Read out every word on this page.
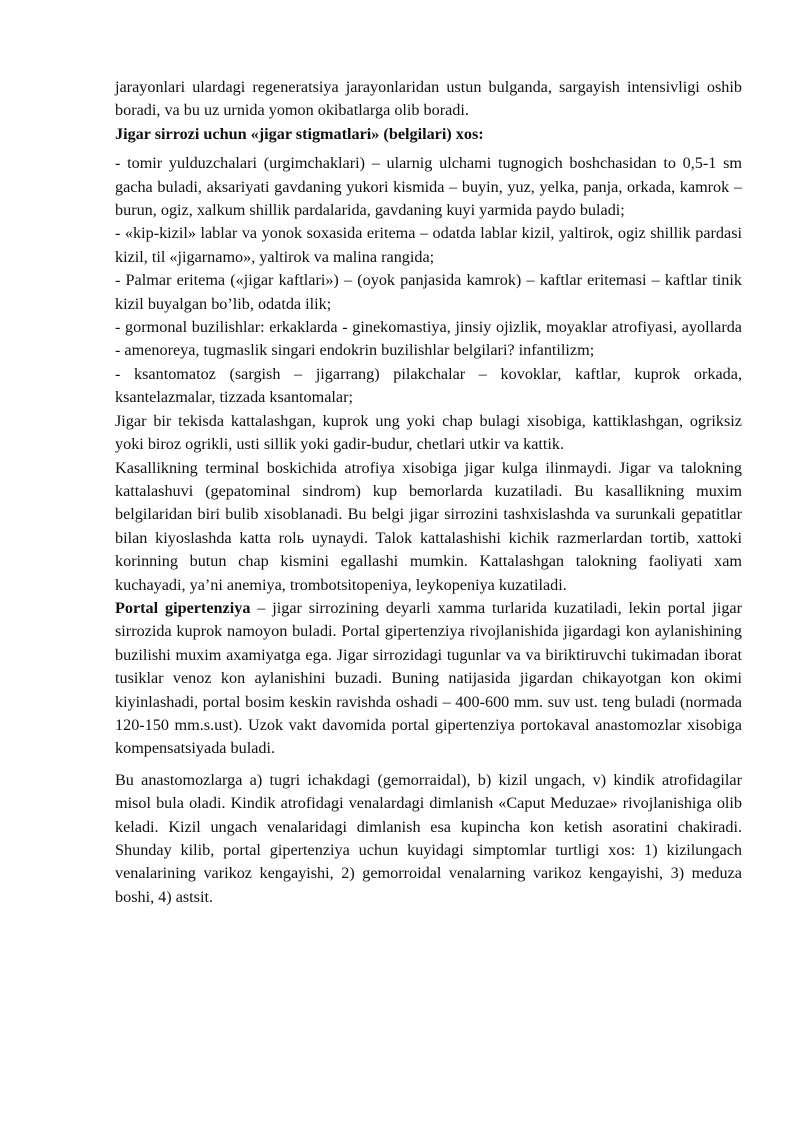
jarayonlari ulardagi regeneratsiya jarayonlaridan ustun bulganda, sargayish intensivligi oshib boradi, va bu uz urnida yomon okibatlarga olib boradi.

Jigar sirrozi uchun «jigar stigmatlari» (belgilari) xos:

- tomir yulduzchalari (urgimchaklari) – ularnig ulchami tugnogich boshchasidan to 0,5-1 sm gacha buladi, aksariyati gavdaning yukori kismida – buyin, yuz, yelka, panja, orkada, kamrok – burun, ogiz, xalkum shillik pardalarida, gavdaning kuyi yarmida paydo buladi;

- «kip-kizil» lablar va yonok soxasida eritema – odatda lablar kizil, yaltirok, ogiz shillik pardasi kizil, til «jigarnamo», yaltirok va malina rangida;

- Palmar eritema («jigar kaftlari») – (oyok panjasida kamrok) – kaftlar eritemasi – kaftlar tinik kizil buyalgan bo’lib, odatda ilik;

- gormonal buzilishlar: erkaklarda - ginekomastiya, jinsiy ojizlik, moyaklar atrofiyasi, ayollarda - amenoreya, tugmaslik singari endokrin buzilishlar belgilari? infantilizm;

- ksantomatoz (sargish – jigarrang) pilakchalar – kovoklar, kaftlar, kuprok orkada, ksantelazmalar, tizzada ksantomalar;

Jigar bir tekisda kattalashgan, kuprok ung yoki chap bulagi xisobiga, kattiklashgan, ogriksiz yoki biroz ogrikli, usti sillik yoki gadir-budur, chetlari utkir va kattik.

Kasallikning terminal boskichida atrofiya xisobiga jigar kulga ilinmaydi. Jigar va talokning kattalashuvi (gepatominal sindrom) kup bemorlarda kuzatiladi. Bu kasallikning muxim belgilaridan biri bulib xisoblanadi. Bu belgi jigar sirrozini tashxislashda va surunkali gepatitlar bilan kiyoslashda katta rolь uynaydi. Talok kattalashishi kichik razmerlardan tortib, xattoki korinning butun chap kismini egallashi mumkin. Kattalashgan talokning faoliyati xam kuchayadi, ya’ni anemiya, trombotsitopeniya, leykopeniya kuzatiladi.

Portal gipertenziya – jigar sirrozining deyarli xamma turlarida kuzatiladi, lekin portal jigar sirrozida kuprok namoyon buladi. Portal gipertenziya rivojlanishida jigardagi kon aylanishining buzilishi muxim axamiyatga ega. Jigar sirrozidagi tugunlar va va biriktiruvchi tukimadan iborat tusiklar venoz kon aylanishini buzadi. Buning natijasida jigardan chikayotgan kon okimi kiyinlashadi, portal bosim keskin ravishda oshadi – 400-600 mm. suv ust. teng buladi (normada 120-150 mm.s.ust). Uzok vakt davomida portal gipertenziya portokaval anastomozlar xisobiga kompensatsiyada buladi.

Bu anastomozlarga a) tugri ichakdagi (gemorraidal), b) kizil ungach, v) kindik atrofidagilar misol bula oladi. Kindik atrofidagi venalardagi dimlanish «Caput Meduzae» rivojlanishiga olib keladi. Kizil ungach venalaridagi dimlanish esa kupincha kon ketish asoratini chakiradi. Shunday kilib, portal gipertenziya uchun kuyidagi simptomlar turtligi xos: 1) kizilungach venalarining varikoz kengayishi, 2) gemorroidal venalarning varikoz kengayishi, 3) meduza boshi, 4) astsit.
